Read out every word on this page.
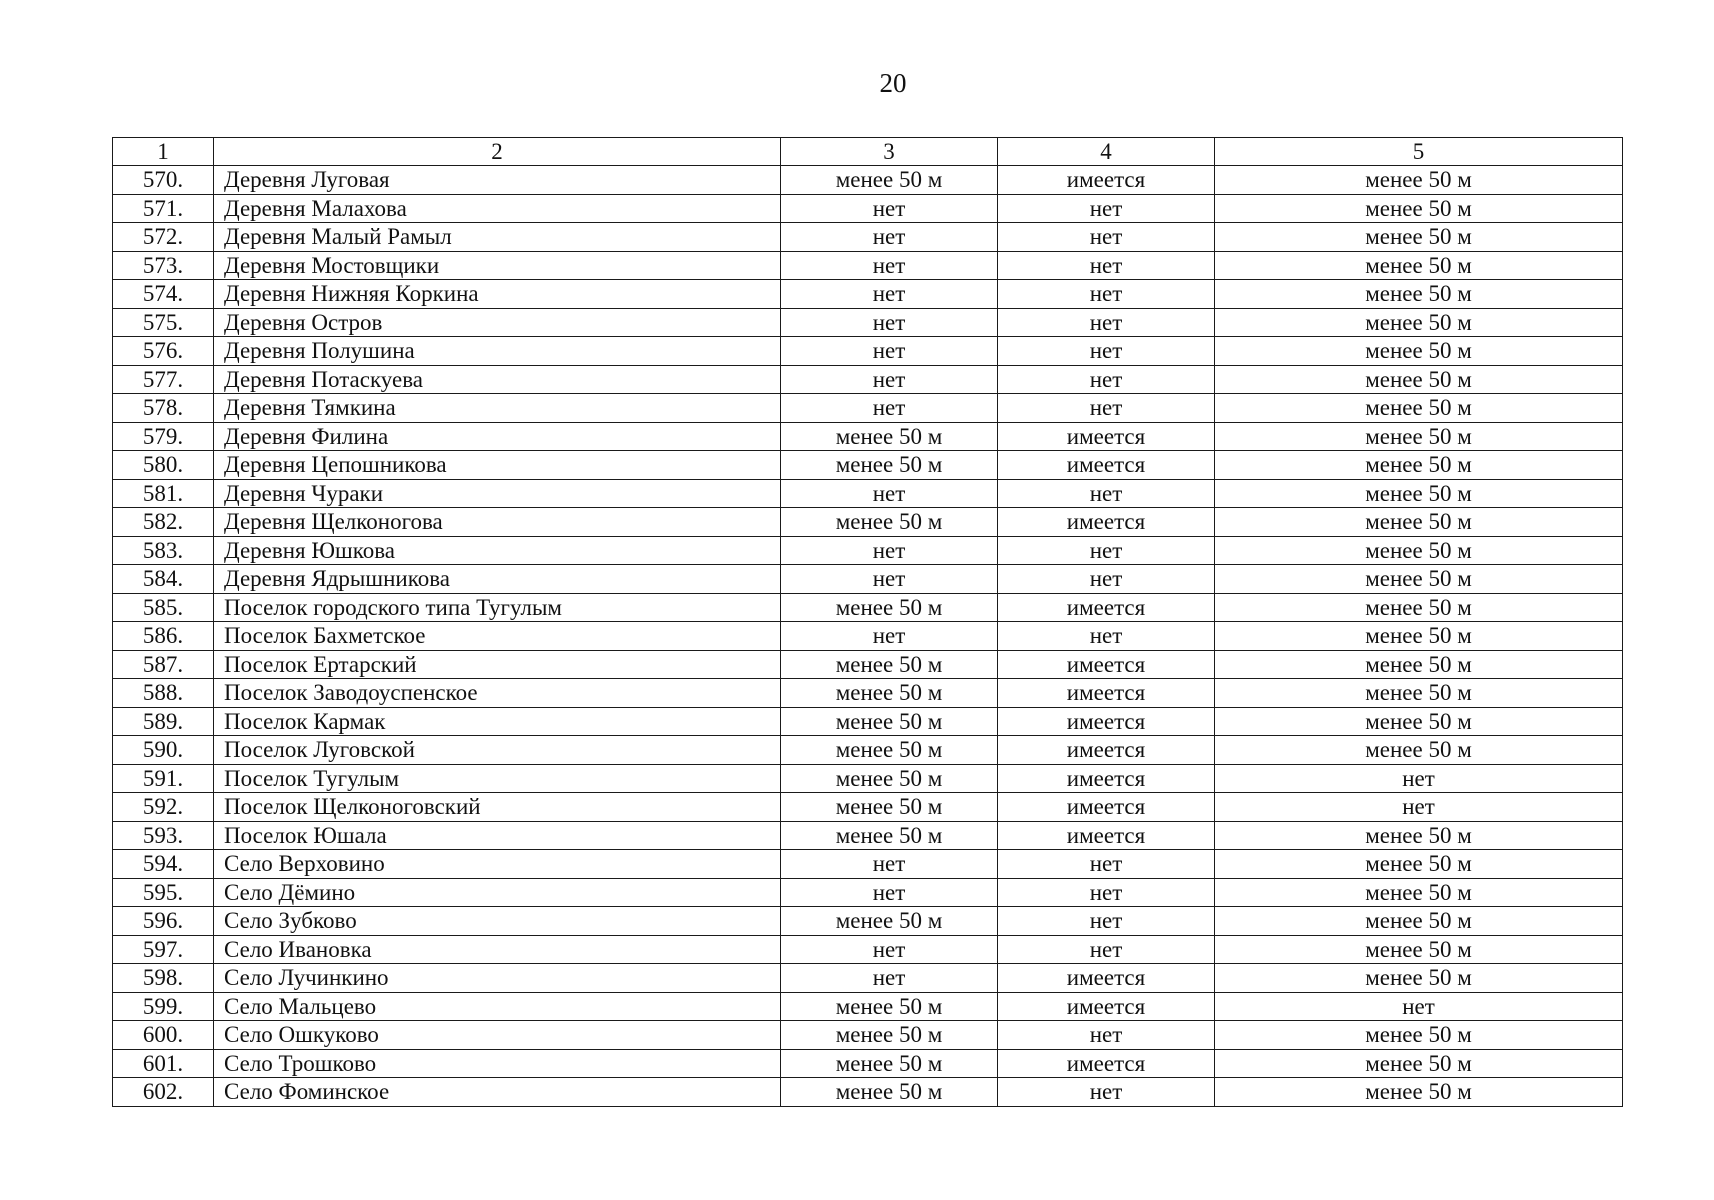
20
1	2	3	4	5
570.	Деревня Луговая	менее 50 м	имеется	менее 50 м
571.	Деревня Малахова	нет	нет	менее 50 м
572.	Деревня Малый Рамыл	нет	нет	менее 50 м
573.	Деревня Мостовщики	нет	нет	менее 50 м
574.	Деревня Нижняя Коркина	нет	нет	менее 50 м
575.	Деревня Остров	нет	нет	менее 50 м
576.	Деревня Полушина	нет	нет	менее 50 м
577.	Деревня Потаскуева	нет	нет	менее 50 м
578.	Деревня Тямкина	нет	нет	менее 50 м
579.	Деревня Филина	менее 50 м	имеется	менее 50 м
580.	Деревня Цепошникова	менее 50 м	имеется	менее 50 м
581.	Деревня Чураки	нет	нет	менее 50 м
582.	Деревня Щелконогова	менее 50 м	имеется	менее 50 м
583.	Деревня Юшкова	нет	нет	менее 50 м
584.	Деревня Ядрышникова	нет	нет	менее 50 м
585.	Поселок городского типа Тугулым	менее 50 м	имеется	менее 50 м
586.	Поселок Бахметское	нет	нет	менее 50 м
587.	Поселок Ертарский	менее 50 м	имеется	менее 50 м
588.	Поселок Заводоуспенское	менее 50 м	имеется	менее 50 м
589.	Поселок Кармак	менее 50 м	имеется	менее 50 м
590.	Поселок Луговской	менее 50 м	имеется	менее 50 м
591.	Поселок Тугулым	менее 50 м	имеется	нет
592.	Поселок Щелконоговский	менее 50 м	имеется	нет
593.	Поселок Юшала	менее 50 м	имеется	менее 50 м
594.	Село Верховино	нет	нет	менее 50 м
595.	Село Дёмино	нет	нет	менее 50 м
596.	Село Зубково	менее 50 м	нет	менее 50 м
597.	Село Ивановка	нет	нет	менее 50 м
598.	Село Лучинкино	нет	имеется	менее 50 м
599.	Село Мальцево	менее 50 м	имеется	нет
600.	Село Ошкуково	менее 50 м	нет	менее 50 м
601.	Село Трошково	менее 50 м	имеется	менее 50 м
602.	Село Фоминское	менее 50 м	нет	менее 50 м
